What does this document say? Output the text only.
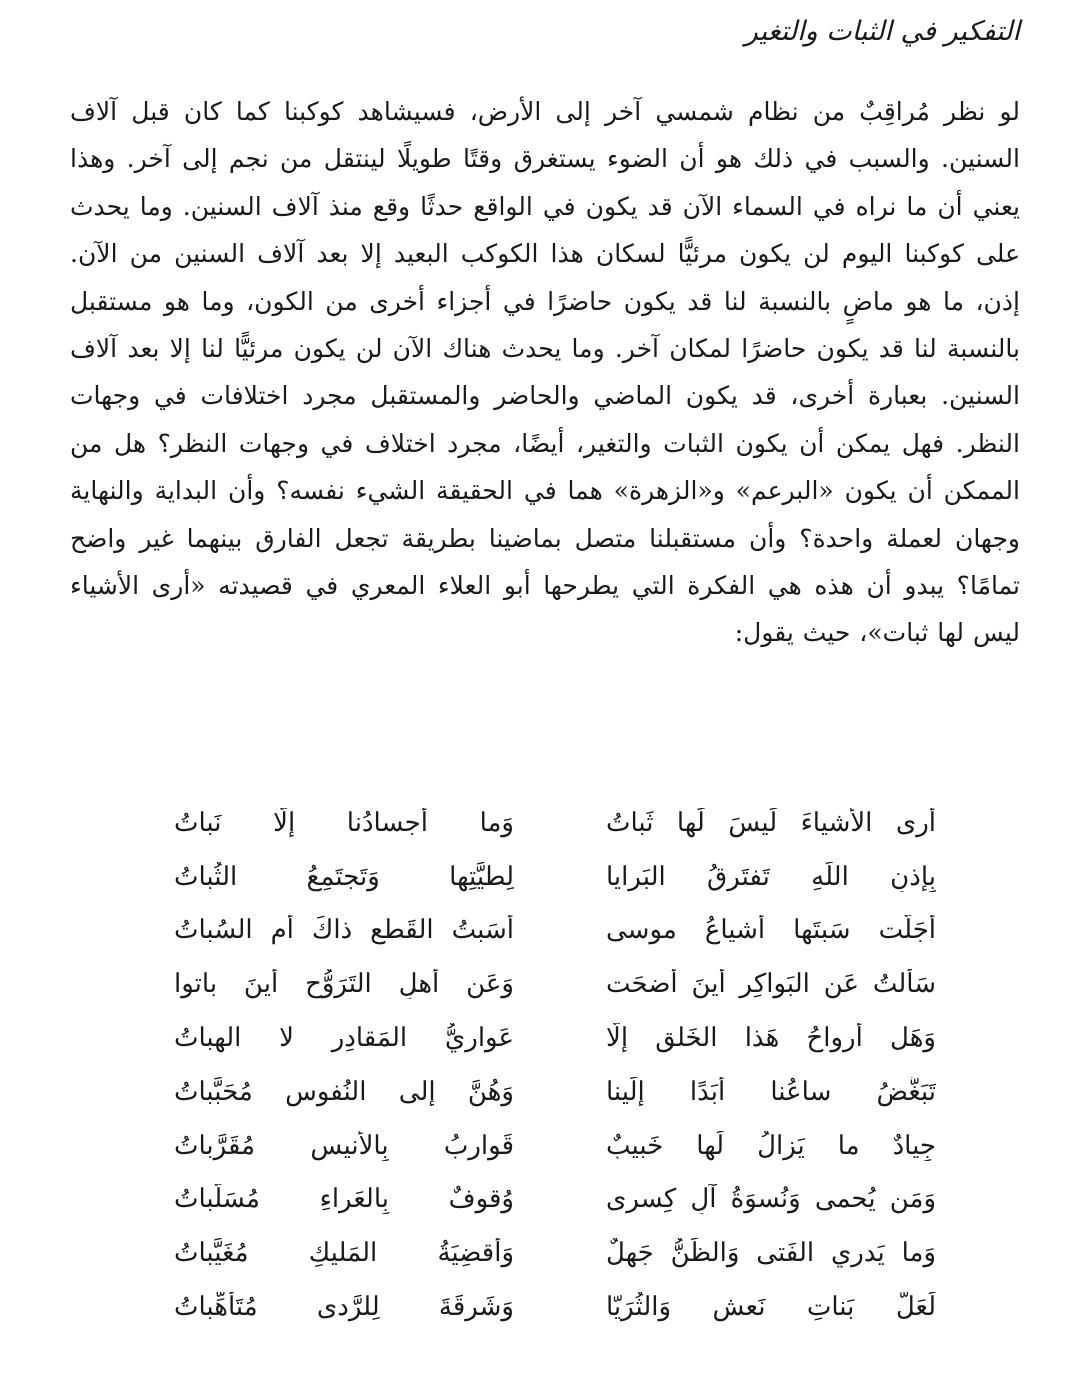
التفكير في الثبات والتغير

لو نظر مُراقِبٌ من نظام شمسي آخر إلى الأرض، فسيشاهد كوكبنا كما كان قبل آلاف السنين. والسبب في ذلك هو أن الضوء يستغرق وقتًا طويلًا لينتقل من نجم إلى آخر. وهذا يعني أن ما نراه في السماء الآن قد يكون في الواقع حدثًا وقع منذ آلاف السنين. وما يحدث على كوكبنا اليوم لن يكون مرئيًّا لسكان هذا الكوكب البعيد إلا بعد آلاف السنين من الآن. إذن، ما هو ماضٍ بالنسبة لنا قد يكون حاضرًا في أجزاء أخرى من الكون، وما هو مستقبل بالنسبة لنا قد يكون حاضرًا لمكان آخر. وما يحدث هناك الآن لن يكون مرئيًّا لنا إلا بعد آلاف السنين. بعبارة أخرى، قد يكون الماضي والحاضر والمستقبل مجرد اختلافات في وجهات النظر. فهل يمكن أن يكون الثبات والتغير، أيضًا، مجرد اختلاف في وجهات النظر؟ هل من الممكن أن يكون «البرعم» و«الزهرة» هما في الحقيقة الشيء نفسه؟ وأن البداية والنهاية وجهان لعملة واحدة؟ وأن مستقبلنا متصل بماضينا بطريقة تجعل الفارق بينهما غير واضح تمامًا؟ يبدو أن هذه هي الفكرة التي يطرحها أبو العلاء المعري في قصيدته «أرى الأشياء ليس لها ثبات»، حيث يقول:

أَرى الأَشياءَ لَيسَ لَها ثَباتُ
وَما أَجسادُنا إِلّا نَباتُ
بِإِذنِ اللَهِ تَفتَرِقُ البَرايا
لِطيَّتِها وَتَجتَمِعُ الثُباتُ
أَجَلَّت سَبتَها أَشياعُ موسى
أَسَبتُ القَطعِ ذاكَ أَمِ السُباتُ
سَأَلتُ عَنِ البَواكِرِ أَينَ أَضحَت
وَعَن أَهلِ التَرَوُّحِ أَينَ باتوا
وَهَل أَرواحُ هَذا الخَلقِ إِلّا
عَوارِيُّ المَقادِرِ لا الهِباتُ
تَبَغَّضُ ساعُنا أَبَدًا إِلَينا
وَهُنَّ إِلى النُفوسِ مُحَبَّباتُ
جِيادٌ ما يَزالُ لَها خَبيبٌ
قَوارِبُ بِالأَنيسِ مُقَرَّباتُ
وَمَن يُحمى وَنُسوَةُ آلِ كِسرى
وُقوفٌ بِالعَراءِ مُسَلَّباتُ
وَما يَدري الفَتى وَالظَنُّ جَهلٌ
وَأَقضِيَةُ المَليكِ مُغَيَّباتُ
لَعَلَّ بَناتِ نَعشٍ وَالثُرَيّا
وَشَرقَةَ لِلرَّدى مُتَأَهِّباتُ
